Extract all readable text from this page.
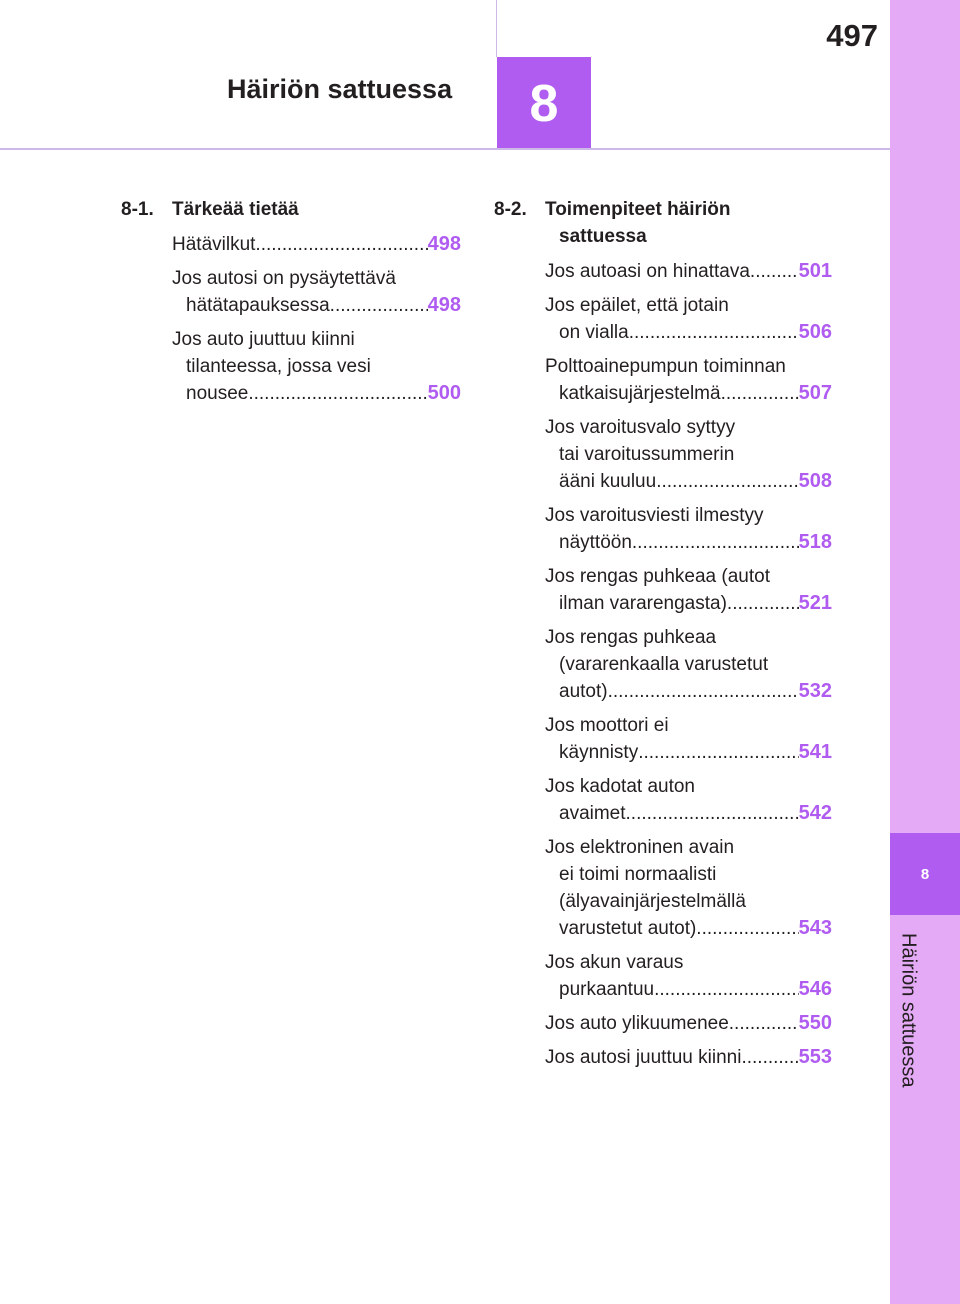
8
Häiriön sattuessa
497
Häiriön sattuessa	8
8-1. Tärkeää tietää
Hätävilkut .....	498
Jos autosi on pysäytettävä
hätätapauksessa .....	498
Jos auto juuttuu kiinni
tilanteessa, jossa vesi
nousee .....	500
8-2. Toimenpiteet häiriön
sattuessa
Jos autoasi on hinattava ..... 501
Jos epäilet, että jotain
on vialla .....	506
Polttoainepumpun toiminnan
katkaisujärjestelmä .....	507
Jos varoitusvalo syttyy
tai varoitussummerin
ääni kuuluu .....	508
Jos varoitusviesti ilmestyy
näyttöön .....	518
Jos rengas puhkeaa (autot
ilman vararengasta) .....	521
Jos rengas puhkeaa
(vararenkaalla varustetut
autot) .....	532
Jos moottori ei
käynnisty .....	541
Jos kadotat auton
avaimet .....	542
Jos elektroninen avain
ei toimi normaalisti
(älyavainjärjestelmällä
varustetut autot) .....	543
Jos akun varaus
purkaantuu .....	546
Jos auto ylikuumenee .....	550
Jos autosi juuttuu kiinni .....	553
